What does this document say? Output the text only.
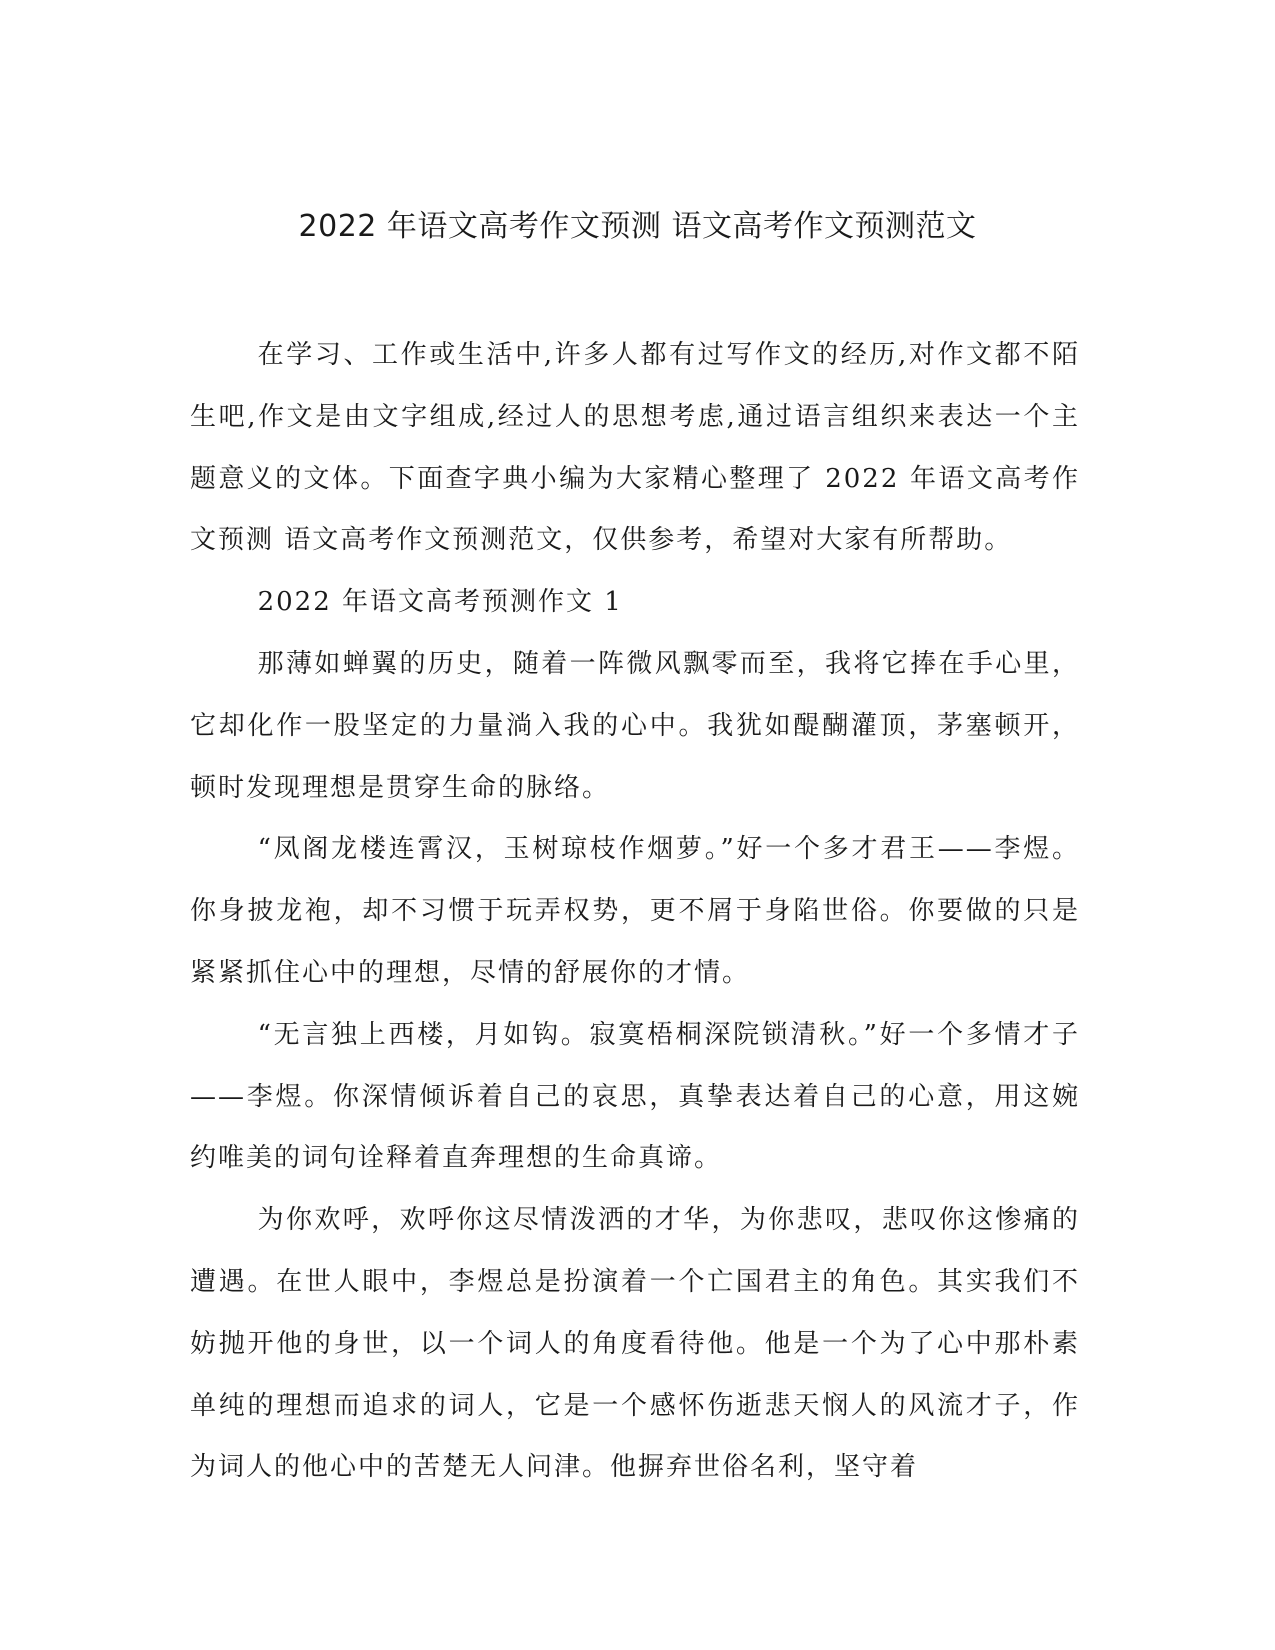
2022 年语文高考作文预测 语文高考作文预测范文

在学习、工作或生活中,许多人都有过写作文的经历,对作文都不陌生吧,作文是由文字组成,经过人的思想考虑,通过语言组织来表达一个主题意义的文体。下面查字典小编为大家精心整理了 2022 年语文高考作文预测 语文高考作文预测范文，仅供参考，希望对大家有所帮助。

2022 年语文高考预测作文 1

那薄如蝉翼的历史，随着一阵微风飘零而至，我将它捧在手心里，它却化作一股坚定的力量淌入我的心中。我犹如醍醐灌顶，茅塞顿开，顿时发现理想是贯穿生命的脉络。

“凤阁龙楼连霄汉，玉树琼枝作烟萝。”好一个多才君王——李煜。你身披龙袍，却不习惯于玩弄权势，更不屑于身陷世俗。你要做的只是紧紧抓住心中的理想，尽情的舒展你的才情。

“无言独上西楼，月如钩。寂寞梧桐深院锁清秋。”好一个多情才子——李煜。你深情倾诉着自己的哀思，真挚表达着自己的心意，用这婉约唯美的词句诠释着直奔理想的生命真谛。

为你欢呼，欢呼你这尽情泼洒的才华，为你悲叹，悲叹你这惨痛的遭遇。在世人眼中，李煜总是扮演着一个亡国君主的角色。其实我们不妨抛开他的身世，以一个词人的角度看待他。他是一个为了心中那朴素单纯的理想而追求的词人，它是一个感怀伤逝悲天悯人的风流才子，作为词人的他心中的苦楚无人问津。他摒弃世俗名利，坚守着
